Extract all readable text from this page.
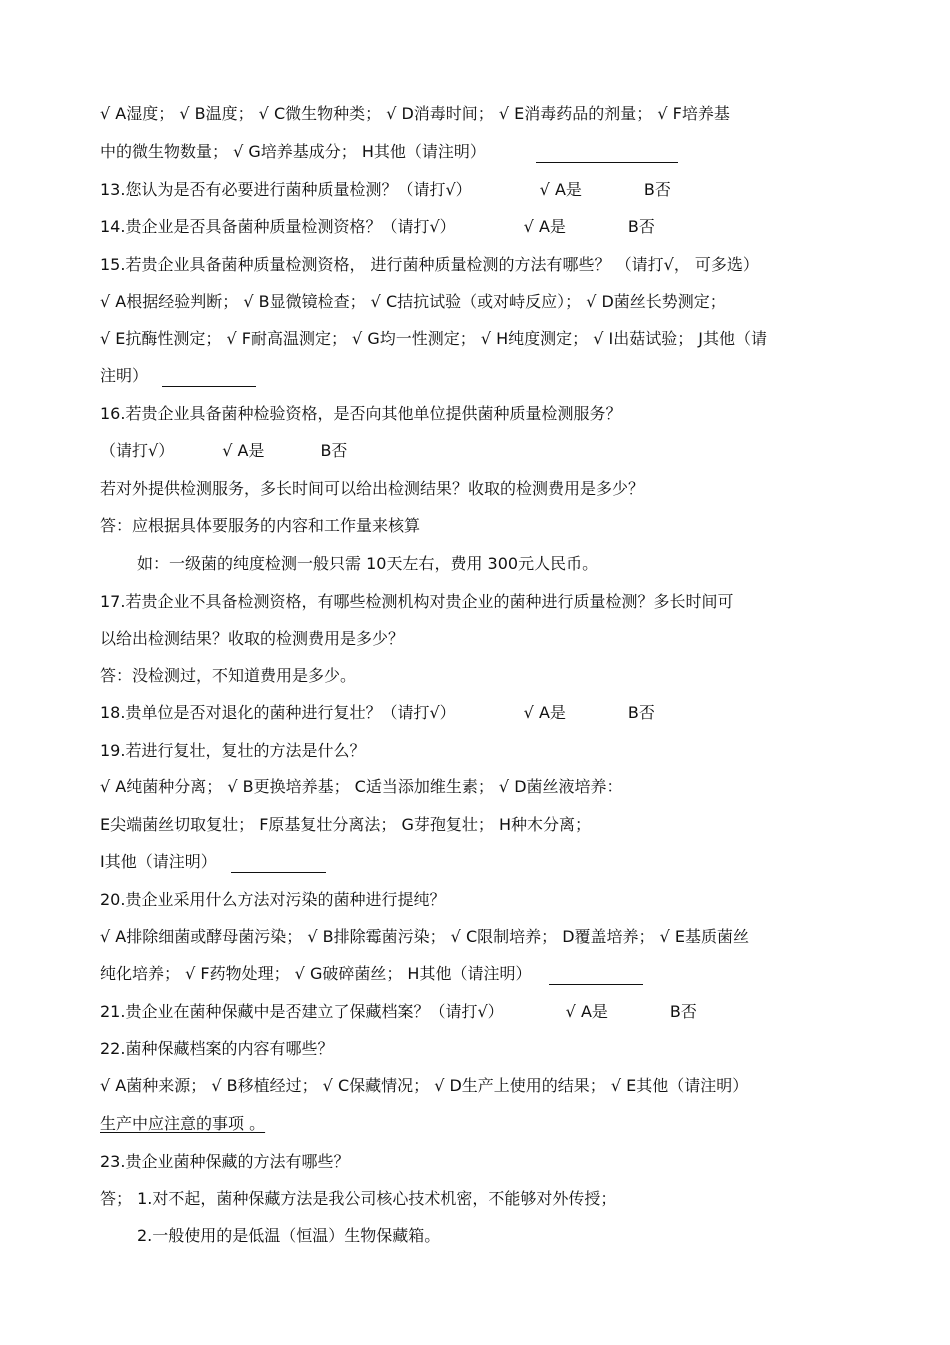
√ A湿度； √ B温度； √ C微生物种类； √ D消毒时间； √ E消毒药品的剂量； √ F培养基
中的微生物数量； √ G培养基成分； H其他（请注明）
13.您认为是否有必要进行菌种质量检测？（请打√）	√ A是	B否
14.贵企业是否具备菌种质量检测资格？（请打√）	√ A是	B否
15.若贵企业具备菌种质量检测资格， 进行菌种质量检测的方法有哪些？ （请打√， 可多选）
√ A根据经验判断； √ B显微镜检查； √ C拮抗试验（或对峙反应）； √ D菌丝长势测定；
√ E抗酶性测定； √ F耐高温测定； √ G均一性测定； √ H纯度测定； √ I出菇试验； J其他（请
注明）
16.若贵企业具备菌种检验资格，是否向其他单位提供菌种质量检测服务？
（请打√）	√ A是	B否
若对外提供检测服务，多长时间可以给出检测结果？收取的检测费用是多少？
答：应根据具体要服务的内容和工作量来核算
如：一级菌的纯度检测一般只需 10天左右，费用 300元人民币。
17.若贵企业不具备检测资格，有哪些检测机构对贵企业的菌种进行质量检测？多长时间可
以给出检测结果？收取的检测费用是多少？
答：没检测过，不知道费用是多少。
18.贵单位是否对退化的菌种进行复壮？（请打√）	√ A是	B否
19.若进行复壮，复壮的方法是什么？
√ A纯菌种分离； √ B更换培养基； C适当添加维生素； √ D菌丝液培养：
E尖端菌丝切取复壮； F原基复壮分离法； G芽孢复壮； H种木分离；
I其他（请注明）
20.贵企业采用什么方法对污染的菌种进行提纯？
√ A排除细菌或酵母菌污染； √ B排除霉菌污染； √ C限制培养； D覆盖培养； √ E基质菌丝
纯化培养； √ F药物处理； √ G破碎菌丝； H其他（请注明）
21.贵企业在菌种保藏中是否建立了保藏档案？（请打√）	√ A是	B否
22.菌种保藏档案的内容有哪些？
√ A菌种来源； √ B移植经过； √ C保藏情况； √ D生产上使用的结果； √ E其他（请注明）
生产中应注意的事项 。
23.贵企业菌种保藏的方法有哪些？
答； 1.对不起，菌种保藏方法是我公司核心技术机密，不能够对外传授；
2.一般使用的是低温（恒温）生物保藏箱。
